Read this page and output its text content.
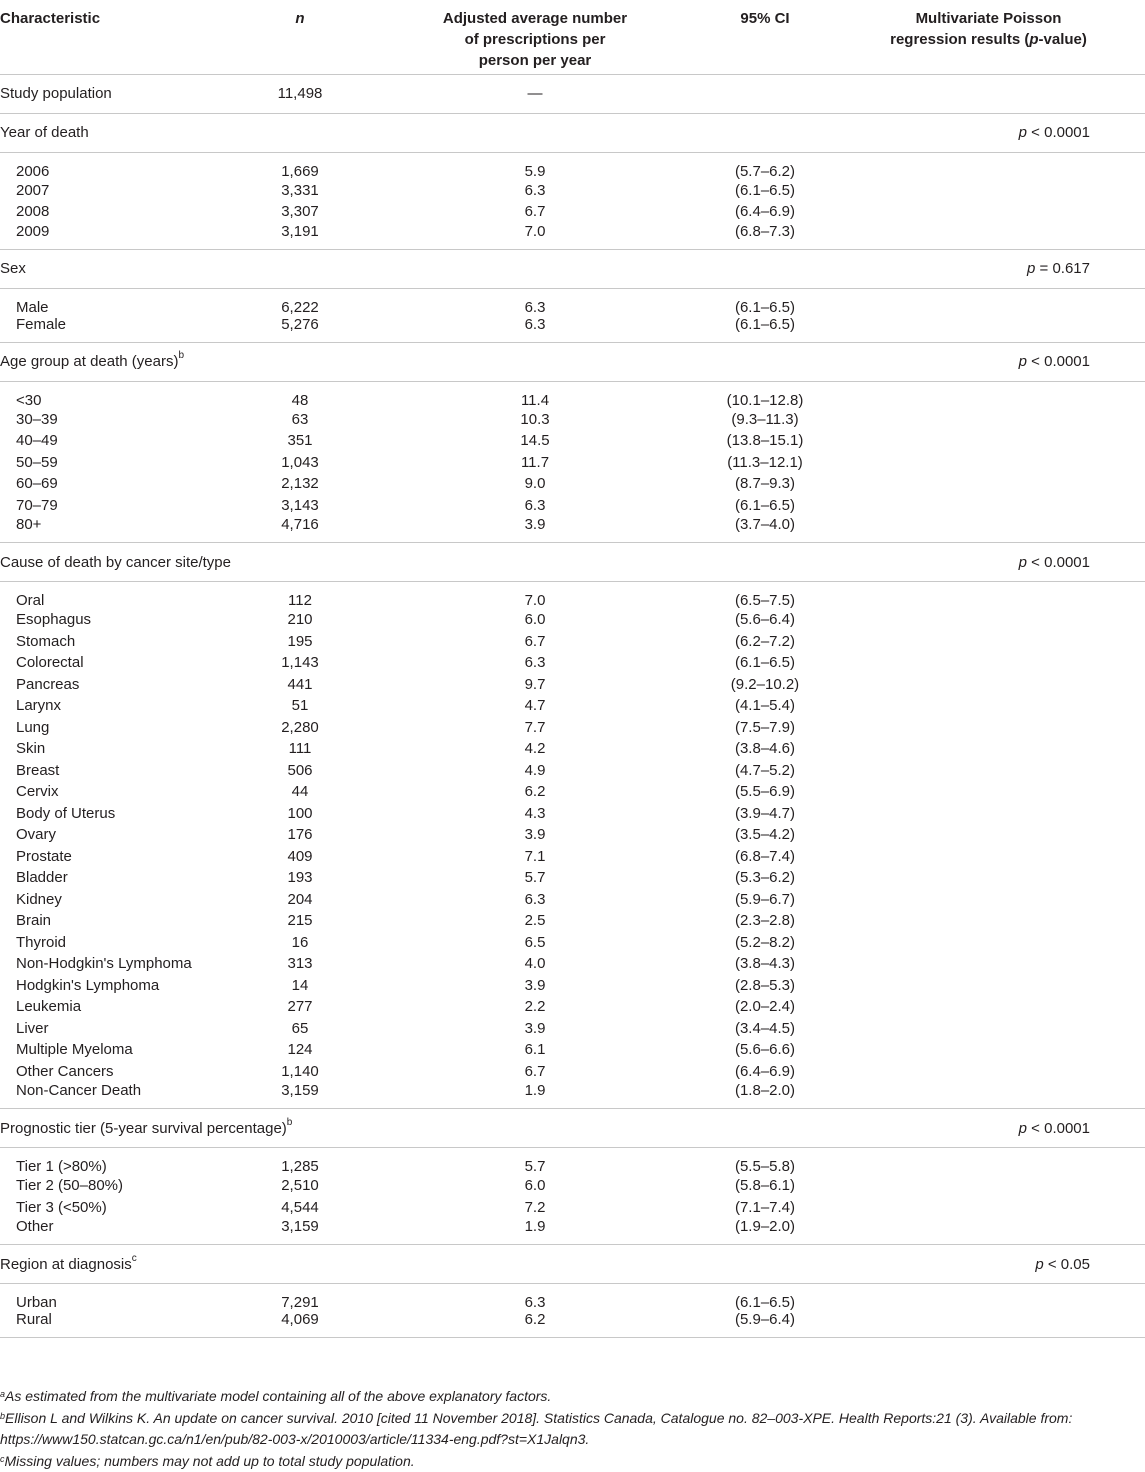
Characteristic	n	Adjusted average number of prescriptions per person per year	95% CI	Multivariate Poisson regression results (p-value)
Study population	11,498	—		
Year of death				p < 0.0001
2006	1,669	5.9	(5.7–6.2)	
2007	3,331	6.3	(6.1–6.5)	
2008	3,307	6.7	(6.4–6.9)	
2009	3,191	7.0	(6.8–7.3)	
Sex				p = 0.617
Male	6,222	6.3	(6.1–6.5)	
Female	5,276	6.3	(6.1–6.5)	
Age group at death (years)$^b$				p < 0.0001
<30	48	11.4	(10.1–12.8)	
30–39	63	10.3	(9.3–11.3)	
40–49	351	14.5	(13.8–15.1)	
50–59	1,043	11.7	(11.3–12.1)	
60–69	2,132	9.0	(8.7–9.3)	
70–79	3,143	6.3	(6.1–6.5)	
80+	4,716	3.9	(3.7–4.0)	
Cause of death by cancer site/type				p < 0.0001
Oral	112	7.0	(6.5–7.5)	
Esophagus	210	6.0	(5.6–6.4)	
Stomach	195	6.7	(6.2–7.2)	
Colorectal	1,143	6.3	(6.1–6.5)	
Pancreas	441	9.7	(9.2–10.2)	
Larynx	51	4.7	(4.1–5.4)	
Lung	2,280	7.7	(7.5–7.9)	
Skin	111	4.2	(3.8–4.6)	
Breast	506	4.9	(4.7–5.2)	
Cervix	44	6.2	(5.5–6.9)	
Body of Uterus	100	4.3	(3.9–4.7)	
Ovary	176	3.9	(3.5–4.2)	
Prostate	409	7.1	(6.8–7.4)	
Bladder	193	5.7	(5.3–6.2)	
Kidney	204	6.3	(5.9–6.7)	
Brain	215	2.5	(2.3–2.8)	
Thyroid	16	6.5	(5.2–8.2)	
Non-Hodgkin's Lymphoma	313	4.0	(3.8–4.3)	
Hodgkin's Lymphoma	14	3.9	(2.8–5.3)	
Leukemia	277	2.2	(2.0–2.4)	
Liver	65	3.9	(3.4–4.5)	
Multiple Myeloma	124	6.1	(5.6–6.6)	
Other Cancers	1,140	6.7	(6.4–6.9)	
Non-Cancer Death	3,159	1.9	(1.8–2.0)	
Prognostic tier (5-year survival percentage)$^b$				p < 0.0001
Tier 1 (>80%)	1,285	5.7	(5.5–5.8)	
Tier 2 (50–80%)	2,510	6.0	(5.8–6.1)	
Tier 3 (<50%)	4,544	7.2	(7.1–7.4)	
Other	3,159	1.9	(1.9–2.0)	
Region at diagnosis$^c$				p < 0.05
Urban	7,291	6.3	(6.1–6.5)	
Rural	4,069	6.2	(5.9–6.4)	

$^a$As estimated from the multivariate model containing all of the above explanatory factors.

$^b$Ellison L and Wilkins K. An update on cancer survival. 2010 [cited 11 November 2018]. Statistics Canada, Catalogue no. 82–003-XPE. Health Reports:21 (3). Available from: https://www150.statcan.gc.ca/n1/en/pub/82-003-x/2010003/article/11334-eng.pdf?st=X1Jalqn3.

$^c$Missing values; numbers may not add up to total study population.
